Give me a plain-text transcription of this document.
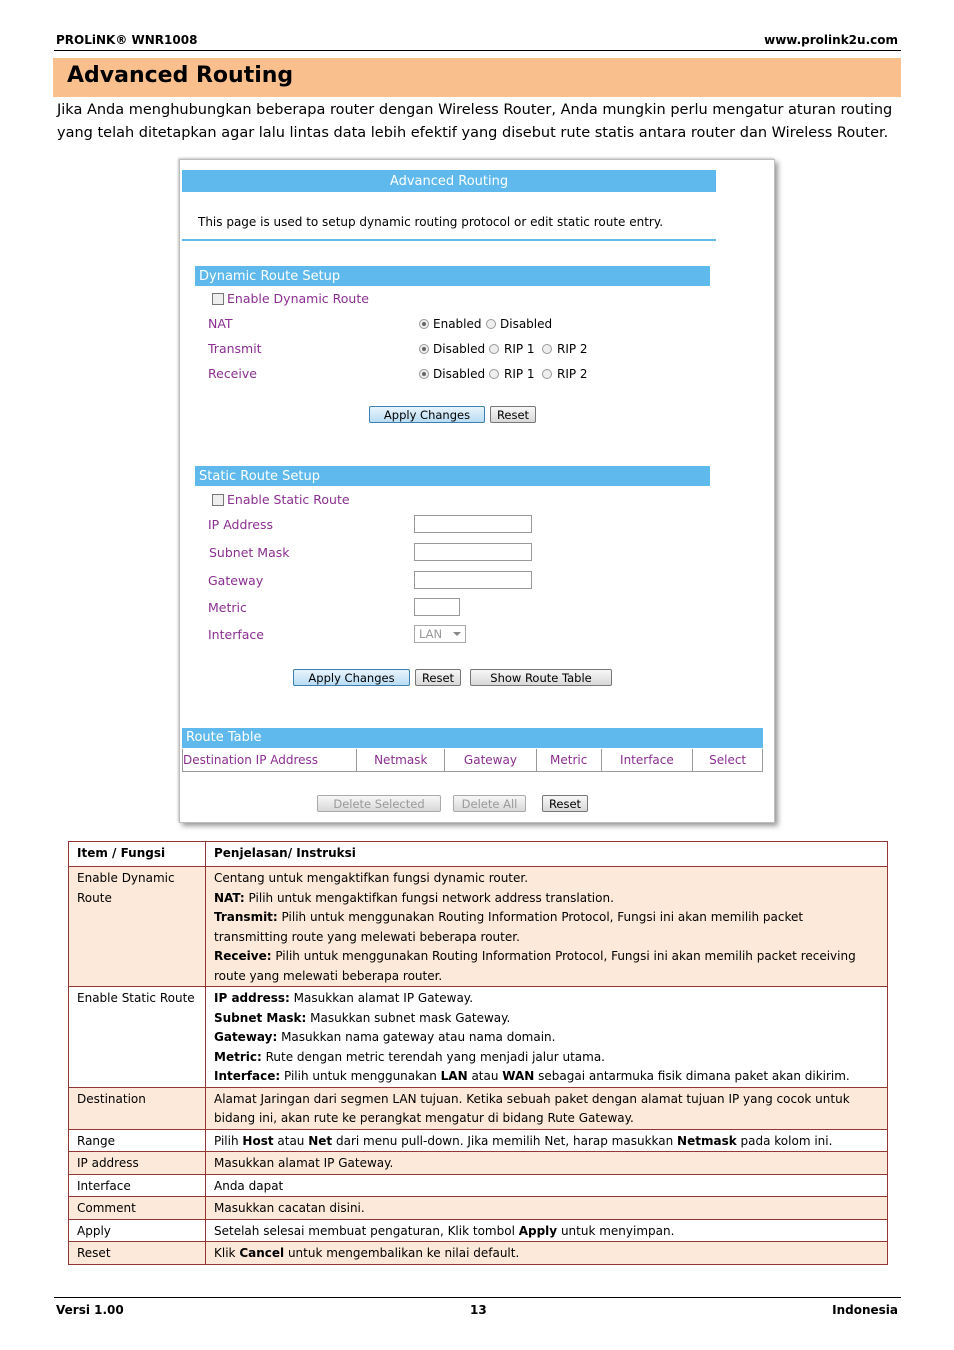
PROLiNK® WNR1008	www.prolink2u.com
Advanced Routing
Jika Anda menghubungkan beberapa router dengan Wireless Router, Anda mungkin perlu mengatur aturan routing yang telah ditetapkan agar lalu lintas data lebih efektif yang disebut rute statis antara router dan Wireless Router.
Advanced Routing
This page is used to setup dynamic routing protocol or edit static route entry.
Dynamic Route Setup
Enable Dynamic Route
NAT	Enabled Disabled
Transmit	Disabled RIP 1 RIP 2
Receive	Disabled RIP 1 RIP 2
Apply Changes	Reset
Static Route Setup
Enable Static Route
IP Address
Subnet Mask
Gateway
Metric
Interface	LAN
Apply Changes	Reset	Show Route Table
Route Table
Destination IP Address	Netmask	Gateway	Metric	Interface	Select
Delete Selected	Delete All	Reset
Item / Fungsi	Penjelasan/ Instruksi
Enable Dynamic Route	Centang untuk mengaktifkan fungsi dynamic router.
NAT: Pilih untuk mengaktifkan fungsi network address translation.
Transmit: Pilih untuk menggunakan Routing Information Protocol, Fungsi ini akan memilih packet transmitting route yang melewati beberapa router.
Receive: Pilih untuk menggunakan Routing Information Protocol, Fungsi ini akan memilih packet receiving route yang melewati beberapa router.

Enable Static Route	IP address: Masukkan alamat IP Gateway.
Subnet Mask: Masukkan subnet mask Gateway.
Gateway: Masukkan nama gateway atau nama domain.
Metric: Rute dengan metric terendah yang menjadi jalur utama.
Interface: Pilih untuk menggunakan LAN atau WAN sebagai antarmuka fisik dimana paket akan dikirim.

Destination	Alamat Jaringan dari segmen LAN tujuan. Ketika sebuah paket dengan alamat tujuan IP yang cocok untuk bidang ini, akan rute ke perangkat mengatur di bidang Rute Gateway.

Range	Pilih Host atau Net dari menu pull-down. Jika memilih Net, harap masukkan Netmask pada kolom ini.

IP address	Masukkan alamat IP Gateway.

Interface	Anda dapat

Comment	Masukkan cacatan disini.

Apply	Setelah selesai membuat pengaturan, Klik tombol Apply untuk menyimpan.

Reset	Klik Cancel untuk mengembalikan ke nilai default.
Versi 1.00	13	Indonesia
